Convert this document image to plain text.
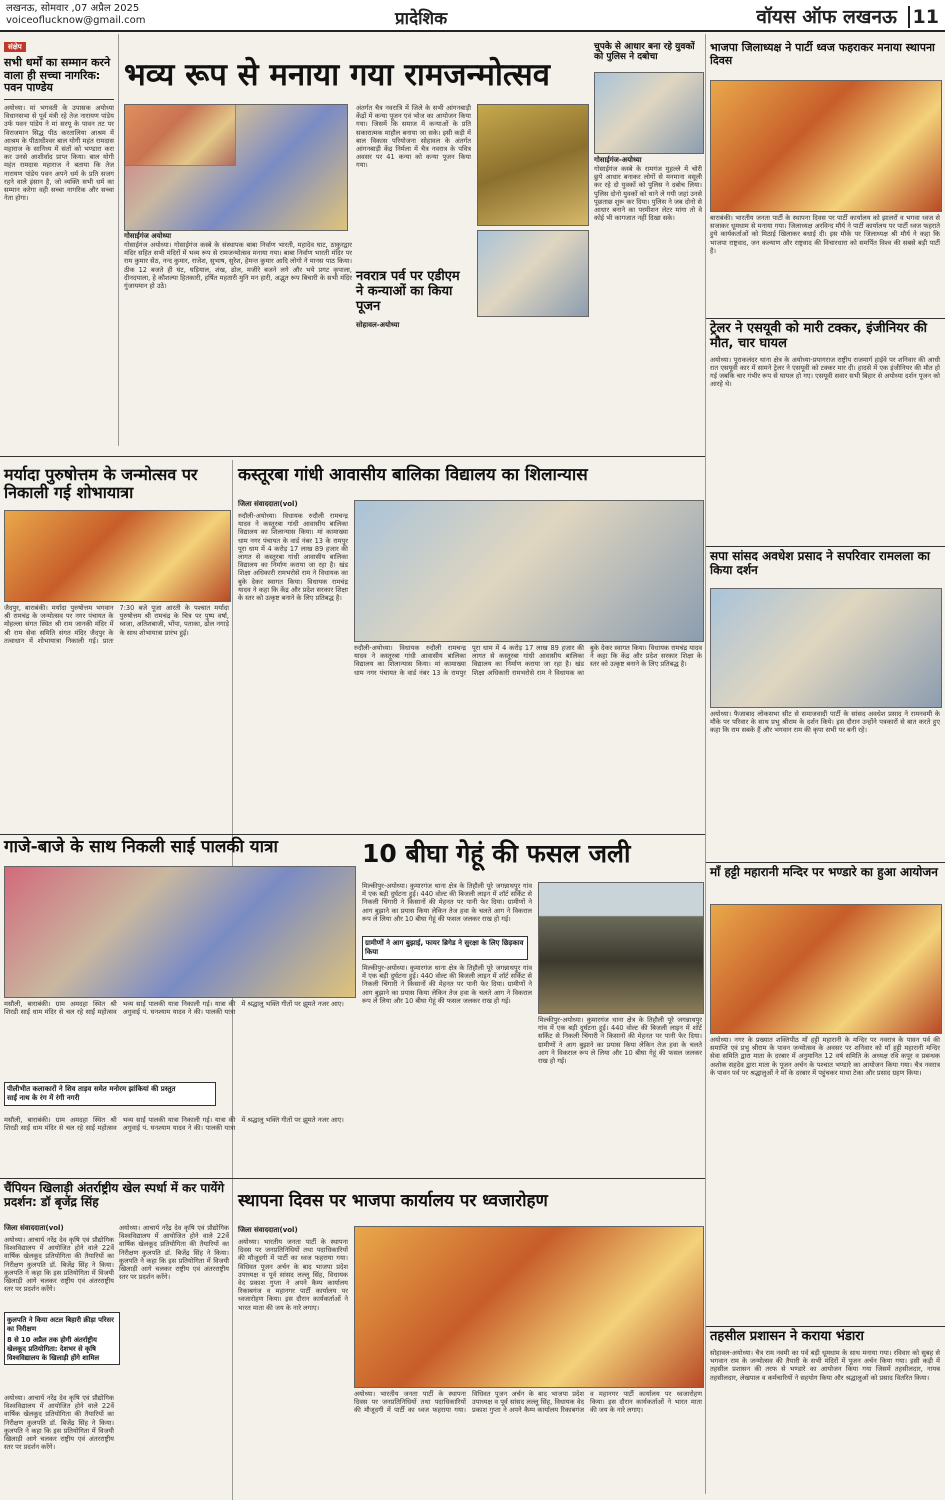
लखनऊ, सोमवार ,07 अप्रैल 2025
voiceoflucknow@gmail.com	प्रादेशिक	वॉयस ऑफ लखनऊ 11
संक्षेप
सभी धर्मों का सम्मान करने वाला ही सच्चा नागरिक: पवन पाण्डेय
अयोध्या। मां भगवती के उपासक अयोध्या विधानसभा से पूर्व मंत्री रहे तेज नारायण पांडेय उर्फ पवन पांडेय ने मां सरयू के पावन तट पर विराजमान सिद्ध पीठ करतालिया आश्रम में आश्रम के पीठाधीश्वर बाल योगी महंत रामदास महाराज के सानिध्य में संतों को भण्डारा करा कर उनसे आशीर्वाद प्राप्त किया। बाल योगी महंत रामदास महाराज ने बताया कि तेज नारायण पांडेय पवन अपने धर्म के प्रति सजग रहने वाले इंसान है, जो व्यक्ति सभी धर्म का सम्मान करेगा वही सच्चा नागरिक और सच्चा नेता होगा।
भव्य रूप से मनाया गया रामजन्मोत्सव
गोसाईगंज अयोध्या
गोसाईगंज अयोध्या। गोसाईगंज कस्बे के संस्थापक बाबा निर्वाण भारती, महादेव घाट, ठाकुरद्वार मंदिर सहित सभी मंदिरों में भव्य रूप से रामजन्मोत्सव मनाया गया। बाबा निर्वाण भारती मंदिर पर राम कुमार सेठ, नन्द कुमार, राजेश, सुभाष, सुरेश, हेमन्त कुमार आदि लोगो ने मानस पाठ किया। ठीक 12 बजते ही घंट, घड़ियाल, शंख, ढोल, मजीरे बजने लगे और भये प्रगट कृपाला, दीनदयाला, हे कौशल्या हितकारी, हर्षित महतारी मुनि मन हारी, अद्भुत रूप बिचारी के सभी मंदिर गुंजायमान हो उठे।
अंतर्गत चैत्र नवरात्रि में जिले के सभी आंगनबाड़ी केंद्रों में कन्या पूजन एवं भोज का आयोजन किया गया। जिसमें कि समाज में कन्याओं के प्रति सकारात्मक माहौल बनाया जा सके। इसी कड़ी में बाल विकास परियोजना सोहावल के अंतर्गत आंगनबाड़ी केंद्र निर्मला में चैत्र नवरात्र के पवित्र अवसर पर 41 कन्या को कन्या पूजन किया गया।
नवरात्र पर्व पर एडीएम ने कन्याओं का किया पूजन
सोहावल-अयोध्या
चुपके से आधार बना रहे युवकों को पुलिस ने दबोचा
गोसाईगंज-अयोध्या
गोसाईगंज कस्बे के रामगंज मुहल्ले में चोरी छुपे आधार बनाकर लोगों से मनमाना वसूली कर रहे दो युवकों को पुलिस ने दबोच लिया। पुलिस दोनो युवकों को थाने ले गयी जहां उनसे पूछताछ शुरू कर दिया। पुलिस ने जब दोनो से आधार बनाने का परमीशन लेटर मांगा तो वे कोई भी कागजात नहीं दिखा सके।
भाजपा जिलाध्यक्ष ने पार्टी ध्वज फहराकर मनाया स्थापना दिवस
बाराबंकी। भारतीय जनता पार्टी के स्थापना दिवस पर पार्टी कार्यालय को झालरों व भगवा ध्वज से सजाकर धूमधाम से मनाया गया। जिलाध्यक्ष अरविन्द मौर्य ने पार्टी कार्यालय पर पार्टी ध्वज फहराते हुये कार्यकर्ताओं को मिठाई खिलाकर बधाई दी। इस मौके पर जिलाध्यक्ष श्री मौर्य ने कहा कि भाजपा राष्ट्रवाद, जन कल्याण और राष्ट्रवाद की विचारधारा को समर्पित विश्व की सबसे बड़ी पार्टी है।
ट्रेलर ने एसयूवी को मारी टक्कर, इंजीनियर की मौत, चार घायल
अयोध्या। पूराकलंदर थाना क्षेत्र के अयोध्या-प्रयागराज राष्ट्रीय राजमार्ग हाईवे पर शनिवार की आधी रात एसयूवी कार में सामने ट्रेलर ने एसयूवी को टक्कर मार दी। हादसे में एक इंजीनियर की मौत हो गई जबकि चार गंभीर रूप से घायल हो गए। एसयूवी सवार सभी बिहार से अयोध्या दर्शन पूजन को आरहे थे।
सपा सांसद अवधेश प्रसाद ने सपरिवार रामलला का किया दर्शन
अयोध्या। फैजाबाद लोकसभा सीट से समाजवादी पार्टी के सांसद अवधेश प्रसाद ने रामनवमी के मौके पर परिवार के साथ प्रभु श्रीराम के दर्शन किये। इस दौरान उन्होंने पत्रकारों से बात करते हुए कहा कि राम सबके हैं और भगवान राम की कृपा सभी पर बनी रहे।
माँ हट्टी महारानी मन्दिर पर भण्डारे का हुआ आयोजन
अयोध्या। नगर के प्रख्यात शक्तिपीठ माँ हट्टी महारानी के मन्दिर पर नवरात्र के पावन पर्व की समाप्ति एवं प्रभु श्रीराम के पावन जन्मोत्सव के अवसर पर शनिवार को माँ हट्टी महारानी मन्दिर सेवा समिति द्वारा माता के दरबार में अनुमानित 12 वर्ष समिति के अध्यक्ष रवि कपूर व प्रबन्धक अशोक सहदेव द्वारा माता के पूजन अर्चन के पश्चात भण्डारे का आयोजन किया गया। चैत्र नवरात्र के पावन पर्व पर श्रद्धालुओं ने माँ के दरबार में पहुंचकर माथा टेका और प्रसाद ग्रहण किया।
तहसील प्रशासन ने कराया भंडारा
सोहावल-अयोध्या। चैत्र राम नवमी का पर्व बड़ी धूमधाम के साथ मनाया गया। रविवार को सुबह से भगवान राम के जन्मोत्सव की तैयारी के सभी मंदिरों में पूजन अर्चन किया गया। इसी कड़ी में तहसील प्रशासन की तरफ से भण्डारे का आयोजन किया गया जिसमें तहसीलदार, नायब तहसीलदार, लेखपाल व कर्मचारियों ने सहयोग किया और श्रद्धालुओं को प्रसाद वितरित किया।
कस्तूरबा गांधी आवासीय बालिका विद्यालय का शिलान्यास
जिला संवाददाता(vol)
रुदौली-अयोध्या। विधायक रुदौली रामचन्द्र यादव ने कस्तूरबा गांधी आवासीय बालिका विद्यालय का शिलान्यास किया। मां कामाख्या धाम नगर पंचायत के वार्ड नंबर 13 के रामपुर पूरा धाम में 4 करोड़ 17 लाख 89 हजार की लागत से कस्तूरबा गांधी आवासीय बालिका विद्यालय का निर्माण कराया जा रहा है। खंड शिक्षा अधिकारी रामभरोसे राम ने विधायक का बुके देकर स्वागत किया। विधायक रामचंद्र यादव ने कहा कि केंद्र और प्रदेश सरकार शिक्षा के स्तर को उत्कृष्ट बनाने के लिए प्रतिबद्ध है।
रुदौली-अयोध्या। विधायक रुदौली रामचन्द्र यादव ने कस्तूरबा गांधी आवासीय बालिका विद्यालय का शिलान्यास किया। मां कामाख्या धाम नगर पंचायत के वार्ड नंबर 13 के रामपुर पूरा धाम में 4 करोड़ 17 लाख 89 हजार की लागत से कस्तूरबा गांधी आवासीय बालिका विद्यालय का निर्माण कराया जा रहा है। खंड शिक्षा अधिकारी रामभरोसे राम ने विधायक का बुके देकर स्वागत किया। विधायक रामचंद्र यादव ने कहा कि केंद्र और प्रदेश सरकार शिक्षा के स्तर को उत्कृष्ट बनाने के लिए प्रतिबद्ध है।
मर्यादा पुरुषोत्तम के जन्मोत्सव पर निकाली गई शोभायात्रा
जैदपुर, बाराबंकी। मर्यादा पुरुषोत्तम भगवान श्री रामचंद्र के जन्मोत्सव पर नगर पंचायत के मोहल्ला संगत स्थित श्री राम जानकी मंदिर में श्री राम सेवा समिति संगत मंदिर जैदपुर के तत्वाधान में शोभायात्रा निकाली गई। प्रातः 7:30 बजे पूजा आरती के पश्चात मर्यादा पुरुषोत्तम श्री रामचंद्र के चित्र पर पुष्प वर्षा, ध्वजा, अतिशबाजी, भोंपा, पताका, ढोल नगाड़े के साथ शोभायात्रा प्रारंभ हुई।
गाजे-बाजे के साथ निकली साई पालकी यात्रा
मसौली, बाराबंकी। ग्राम अमदहा स्थित श्री शिरडी साईं धाम मंदिर से चल रहे साईं महोत्सव भव्य साईं पालकी यात्रा निकाली गई। यात्रा की अगुवाई पं. घनश्याम यादव ने की। पालकी यात्रा में श्रद्धालु भक्ति गीतों पर झूमते नजर आए।
पीलीभीत कलाकारों ने शिव ताड़व समेत मनोरम झांकियां की प्रस्तुत
साईं नाथ के रंग में रंगी नगरी
मसौली, बाराबंकी। ग्राम अमदहा स्थित श्री शिरडी साईं धाम मंदिर से चल रहे साईं महोत्सव भव्य साईं पालकी यात्रा निकाली गई। यात्रा की अगुवाई पं. घनश्याम यादव ने की। पालकी यात्रा में श्रद्धालु भक्ति गीतों पर झूमते नजर आए।
10 बीघा गेहूं की फसल जली
मिल्कीपुर-अयोध्या। कुमारगंज थाना क्षेत्र के तिहौली पूरे जगन्नाथपुर गांव में एक बड़ी दुर्घटना हुई। 440 वोल्ट की बिजली लाइन में शॉर्ट सर्किट से निकली चिंगारी ने किसानों की मेहनत पर पानी फेर दिया। ग्रामीणों ने आग बुझाने का प्रयास किया लेकिन तेज हवा के चलते आग ने विकराल रूप ले लिया और 10 बीघा गेहूं की फसल जलकर राख हो गई।
ग्रामीणों ने आग बुझाई, फायर ब्रिगेड ने सुरक्षा के लिए छिड़काव किया
मिल्कीपुर-अयोध्या। कुमारगंज थाना क्षेत्र के तिहौली पूरे जगन्नाथपुर गांव में एक बड़ी दुर्घटना हुई। 440 वोल्ट की बिजली लाइन में शॉर्ट सर्किट से निकली चिंगारी ने किसानों की मेहनत पर पानी फेर दिया। ग्रामीणों ने आग बुझाने का प्रयास किया लेकिन तेज हवा के चलते आग ने विकराल रूप ले लिया और 10 बीघा गेहूं की फसल जलकर राख हो गई।
मिल्कीपुर-अयोध्या। कुमारगंज थाना क्षेत्र के तिहौली पूरे जगन्नाथपुर गांव में एक बड़ी दुर्घटना हुई। 440 वोल्ट की बिजली लाइन में शॉर्ट सर्किट से निकली चिंगारी ने किसानों की मेहनत पर पानी फेर दिया। ग्रामीणों ने आग बुझाने का प्रयास किया लेकिन तेज हवा के चलते आग ने विकराल रूप ले लिया और 10 बीघा गेहूं की फसल जलकर राख हो गई।
चैंपियन खिलाड़ी अंतर्राष्ट्रीय खेल स्पर्धा में कर पायेंगे प्रदर्शन: डॉ बृजेंद्र सिंह
जिला संवाददाता(vol)
अयोध्या। आचार्य नरेंद्र देव कृषि एवं प्रौद्योगिक विश्वविद्यालय में आयोजित होने वाले 22वें वार्षिक खेलकूद प्रतियोगिता की तैयारियों का निरीक्षण कुलपति डॉ. बिजेंद्र सिंह ने किया। कुलपति ने कहा कि इस प्रतियोगिता में विजयी खिलाड़ी आगे चलकर राष्ट्रीय एवं अंतरराष्ट्रीय स्तर पर प्रदर्शन करेंगे।
कुलपति ने किया अटल बिहारी क्रीड़ा परिसर का निरीक्षण
8 से 10 अप्रैल तक होगी अंतर्राष्ट्रीय खेलकूद प्रतियोगिता: देशभर से कृषि विश्वविद्यालय के खिलाड़ी होंगे शामिल
अयोध्या। आचार्य नरेंद्र देव कृषि एवं प्रौद्योगिक विश्वविद्यालय में आयोजित होने वाले 22वें वार्षिक खेलकूद प्रतियोगिता की तैयारियों का निरीक्षण कुलपति डॉ. बिजेंद्र सिंह ने किया। कुलपति ने कहा कि इस प्रतियोगिता में विजयी खिलाड़ी आगे चलकर राष्ट्रीय एवं अंतरराष्ट्रीय स्तर पर प्रदर्शन करेंगे।
अयोध्या। आचार्य नरेंद्र देव कृषि एवं प्रौद्योगिक विश्वविद्यालय में आयोजित होने वाले 22वें वार्षिक खेलकूद प्रतियोगिता की तैयारियों का निरीक्षण कुलपति डॉ. बिजेंद्र सिंह ने किया। कुलपति ने कहा कि इस प्रतियोगिता में विजयी खिलाड़ी आगे चलकर राष्ट्रीय एवं अंतरराष्ट्रीय स्तर पर प्रदर्शन करेंगे।
स्थापना दिवस पर भाजपा कार्यालय पर ध्वजारोहण
जिला संवाददाता(vol)
अयोध्या। भारतीय जनता पार्टी के स्थापना दिवस पर जनप्रतिनिधियों तथा पदाधिकारियों की मौजूदगी में पार्टी का ध्वज फहराया गया। विधिवत पूजन अर्चन के बाद भाजपा प्रदेश उपाध्यक्ष व पूर्व सांसद लल्लू सिंह, विधायक वेद प्रकाश गुप्ता ने अपने कैम्प कार्यालय रिकाबगंज व महानगर पार्टी कार्यालय पर ध्वजारोहण किया। इस दौरान कार्यकर्ताओं ने भारत माता की जय के नारे लगाए।
अयोध्या। भारतीय जनता पार्टी के स्थापना दिवस पर जनप्रतिनिधियों तथा पदाधिकारियों की मौजूदगी में पार्टी का ध्वज फहराया गया। विधिवत पूजन अर्चन के बाद भाजपा प्रदेश उपाध्यक्ष व पूर्व सांसद लल्लू सिंह, विधायक वेद प्रकाश गुप्ता ने अपने कैम्प कार्यालय रिकाबगंज व महानगर पार्टी कार्यालय पर ध्वजारोहण किया। इस दौरान कार्यकर्ताओं ने भारत माता की जय के नारे लगाए।
